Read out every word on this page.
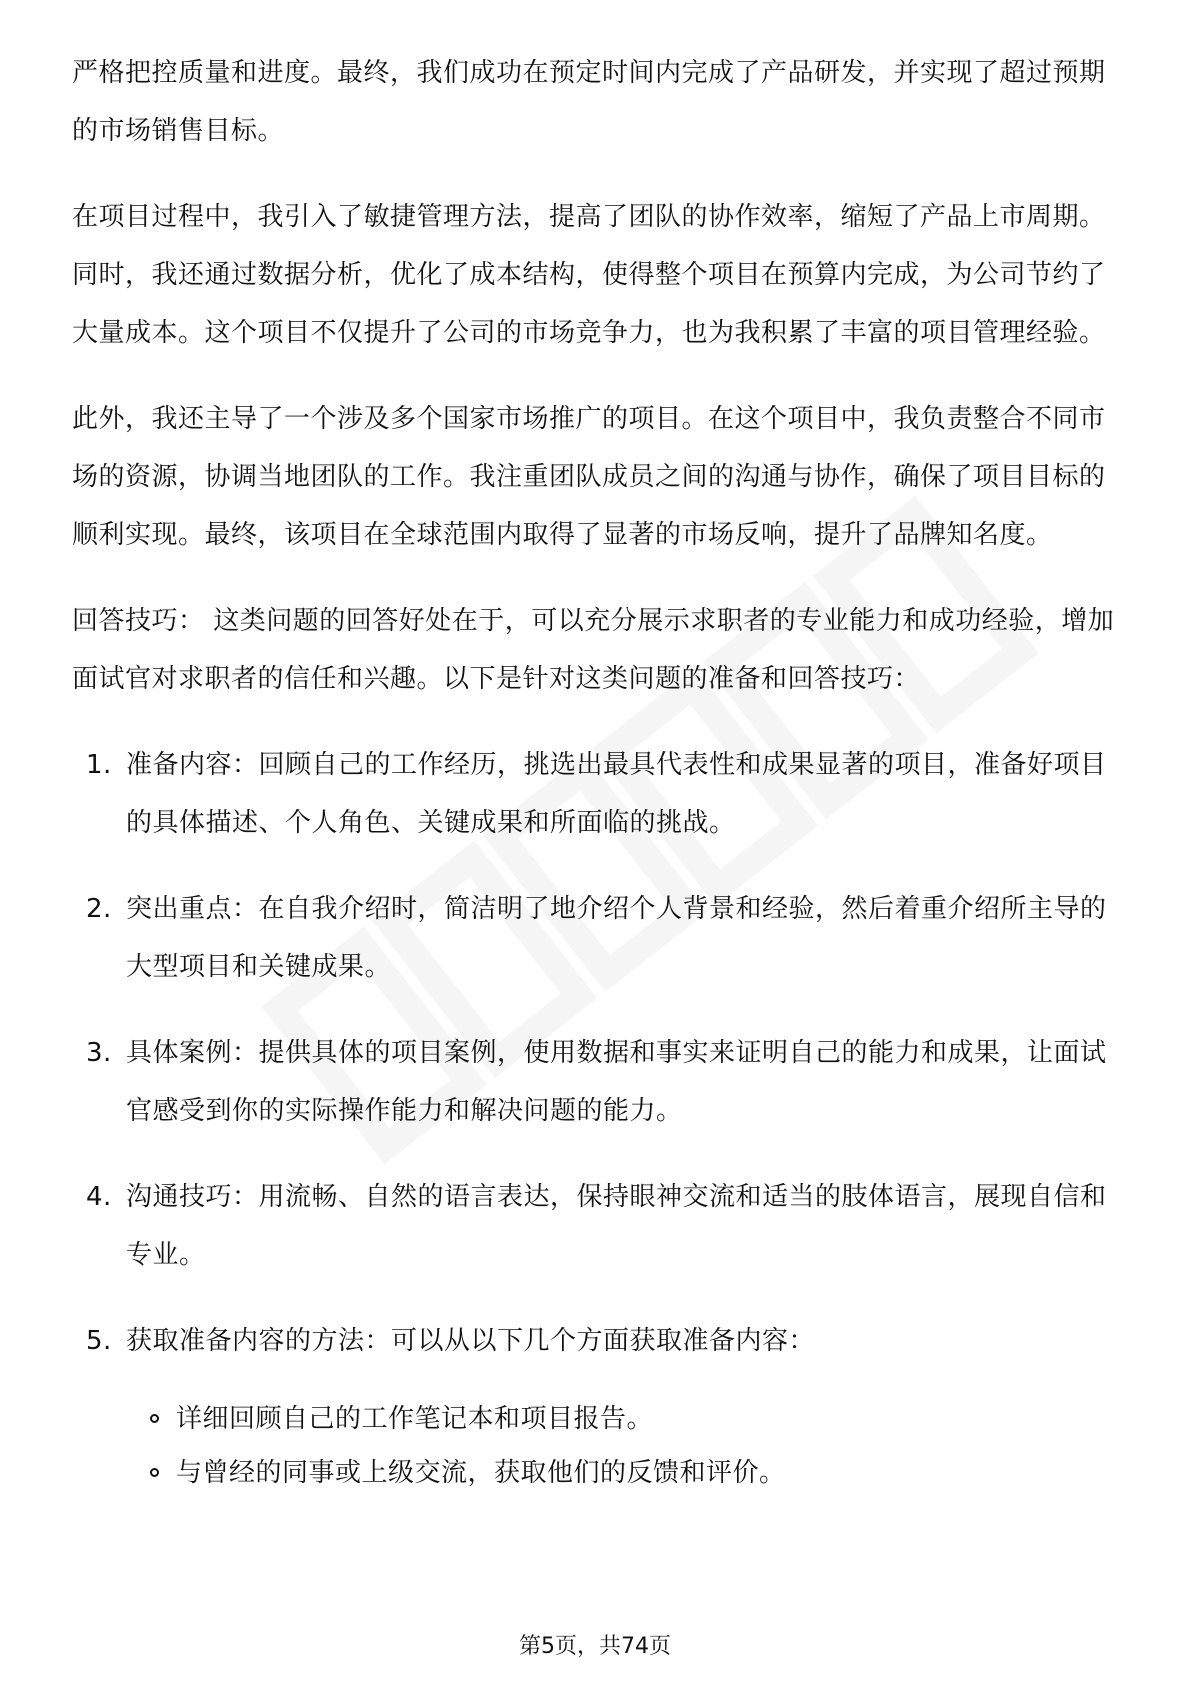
严格把控质量和进度。最终，我们成功在预定时间内完成了产品研发，并实现了超过预期的市场销售目标。

在项目过程中，我引入了敏捷管理方法，提高了团队的协作效率，缩短了产品上市周期。同时，我还通过数据分析，优化了成本结构，使得整个项目在预算内完成，为公司节约了大量成本。这个项目不仅提升了公司的市场竞争力，也为我积累了丰富的项目管理经验。

此外，我还主导了一个涉及多个国家市场推广的项目。在这个项目中，我负责整合不同市场的资源，协调当地团队的工作。我注重团队成员之间的沟通与协作，确保了项目目标的顺利实现。最终，该项目在全球范围内取得了显著的市场反响，提升了品牌知名度。

回答技巧： 这类问题的回答好处在于，可以充分展示求职者的专业能力和成功经验，增加面试官对求职者的信任和兴趣。以下是针对这类问题的准备和回答技巧：

1. 准备内容：回顾自己的工作经历，挑选出最具代表性和成果显著的项目，准备好项目的具体描述、个人角色、关键成果和所面临的挑战。
2. 突出重点：在自我介绍时，简洁明了地介绍个人背景和经验，然后着重介绍所主导的大型项目和关键成果。
3. 具体案例：提供具体的项目案例，使用数据和事实来证明自己的能力和成果，让面试官感受到你的实际操作能力和解决问题的能力。
4. 沟通技巧：用流畅、自然的语言表达，保持眼神交流和适当的肢体语言，展现自信和专业。
5. 获取准备内容的方法：可以从以下几个方面获取准备内容：
详细回顾自己的工作笔记本和项目报告。
与曾经的同事或上级交流，获取他们的反馈和评价。
第5页，共74页
